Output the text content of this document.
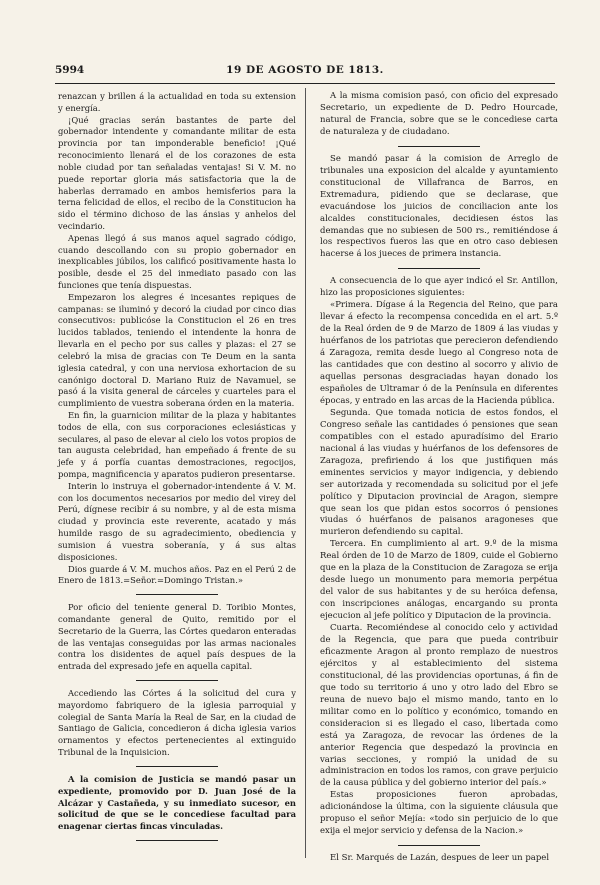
5994	19 DE AGOSTO DE 1813.

renazcan y brillen á la actualidad en toda su extension y energía.

¡Qué gracias serán bastantes de parte del gobernador intendente y comandante militar de esta provincia por tan imponderable beneficio! ¡Qué reconocimiento llenará el de los corazones de esta noble ciudad por tan señaladas ventajas! Si V. M. no puede reportar gloria más satisfactoria que la de haberlas derramado en ambos hemisferios para la terna felicidad de ellos, el recibo de la Constitucion ha sido el término dichoso de las ánsias y anhelos del vecindario.

Apenas llegó á sus manos aquel sagrado código, cuando descollando con su propio gobernador en inexplicables júbilos, los calificó positivamente hasta lo posible, desde el 25 del inmediato pasado con las funciones que tenía dispuestas.

Empezaron los alegres é incesantes repiques de campanas: se iluminó y decoró la ciudad por cinco dias consecutivos: publicóse la Constitucion el 26 en tres lucidos tablados, teniendo el intendente la honra de llevarla en el pecho por sus calles y plazas: el 27 se celebró la misa de gracias con Te Deum en la santa iglesia catedral, y con una nerviosa exhortacion de su canónigo doctoral D. Mariano Ruiz de Navamuel, se pasó á la visita general de cárceles y cuarteles para el cumplimiento de vuestra soberana órden en la materia.

En fin, la guarnicion militar de la plaza y habitantes todos de ella, con sus corporaciones eclesiásticas y seculares, al paso de elevar al cielo los votos propios de tan augusta celebridad, han empeñado á frente de su jefe y á porfía cuantas demostraciones, regocijos, pompa, magnificencia y aparatos pudieron presentarse.

Interin lo instruya el gobernador-intendente á V. M. con los documentos necesarios por medio del virey del Perú, dígnese recibir á su nombre, y al de esta misma ciudad y provincia este reverente, acatado y más humilde rasgo de su agradecimiento, obediencia y sumision á vuestra soberanía, y á sus altas disposiciones.

Dios guarde á V. M. muchos años. Paz en el Perú 2 de Enero de 1813.=Señor.=Domingo Tristan.»

Por oficio del teniente general D. Toribio Montes, comandante general de Quito, remitido por el Secretario de la Guerra, las Córtes quedaron enteradas de las ventajas conseguidas por las armas nacionales contra los disidentes de aquel país despues de la entrada del expresado jefe en aquella capital.

Accediendo las Córtes á la solicitud del cura y mayordomo fabriquero de la iglesia parroquial y colegial de Santa María la Real de Sar, en la ciudad de Santiago de Galicia, concedieron á dicha iglesia varios ornamentos y efectos pertenecientes al extinguido Tribunal de la Inquisicion.

A la comision de Justicia se mandó pasar un expediente, promovido por D. Juan José de la Alcázar y Castañeda, y su inmediato sucesor, en solicitud de que se le concediese facultad para enagenar ciertas fincas vinculadas.

A la misma comision pasó, con oficio del expresado Secretario, un expediente de D. Pedro Hourcade, natural de Francia, sobre que se le concediese carta de naturaleza y de ciudadano.

Se mandó pasar á la comision de Arreglo de tribunales una exposicion del alcalde y ayuntamiento constitucional de Villafranca de Barros, en Extremadura, pidiendo que se declarase, que evacuándose los juicios de conciliacion ante los alcaldes constitucionales, decidiesen éstos las demandas que no subiesen de 500 rs., remitiéndose á los respectivos fueros las que en otro caso debiesen hacerse á los jueces de primera instancia.

A consecuencia de lo que ayer indicó el Sr. Antillon, hizo las proposiciones siguientes:

«Primera. Dígase á la Regencia del Reino, que para llevar á efecto la recompensa concedida en el art. 5.º de la Real órden de 9 de Marzo de 1809 á las viudas y huérfanos de los patriotas que perecieron defendiendo á Zaragoza, remita desde luego al Congreso nota de las cantidades que con destino al socorro y alivio de aquellas personas desgraciadas hayan donado los españoles de Ultramar ó de la Península en diferentes épocas, y entrado en las arcas de la Hacienda pública.

Segunda. Que tomada noticia de estos fondos, el Congreso señale las cantidades ó pensiones que sean compatibles con el estado apuradísimo del Erario nacional á las viudas y huérfanos de los defensores de Zaragoza, prefiriendo á los que justifiquen más eminentes servicios y mayor indigencia, y debiendo ser autorizada y recomendada su solicitud por el jefe político y Diputacion provincial de Aragon, siempre que sean los que pidan estos socorros ó pensiones viudas ó huérfanos de paisanos aragoneses que murieron defendiendo su capital.

Tercera. En cumplimiento al art. 9.º de la misma Real órden de 10 de Marzo de 1809, cuide el Gobierno que en la plaza de la Constitucion de Zaragoza se erija desde luego un monumento para memoria perpétua del valor de sus habitantes y de su heróica defensa, con inscripciones análogas, encargando su pronta ejecucion al jefe político y Diputacion de la provincia.

Cuarta. Recomiéndese al conocido celo y actividad de la Regencia, que para que pueda contribuir eficazmente Aragon al pronto remplazo de nuestros ejércitos y al establecimiento del sistema constitucional, dé las providencias oportunas, á fin de que todo su territorio á uno y otro lado del Ebro se reuna de nuevo bajo el mismo mando, tanto en lo militar como en lo político y económico, tomando en consideracion si es llegado el caso, libertada como está ya Zaragoza, de revocar las órdenes de la anterior Regencia que despedazó la provincia en varias secciones, y rompió la unidad de su administracion en todos los ramos, con grave perjuicio de la causa pública y del gobierno interior del país.»

Estas proposiciones fueron aprobadas, adicionándose la última, con la siguiente cláusula que propuso el señor Mejía: «todo sin perjuicio de lo que exija el mejor servicio y defensa de la Nacion.»

El Sr. Marqués de Lazán, despues de leer un papel
